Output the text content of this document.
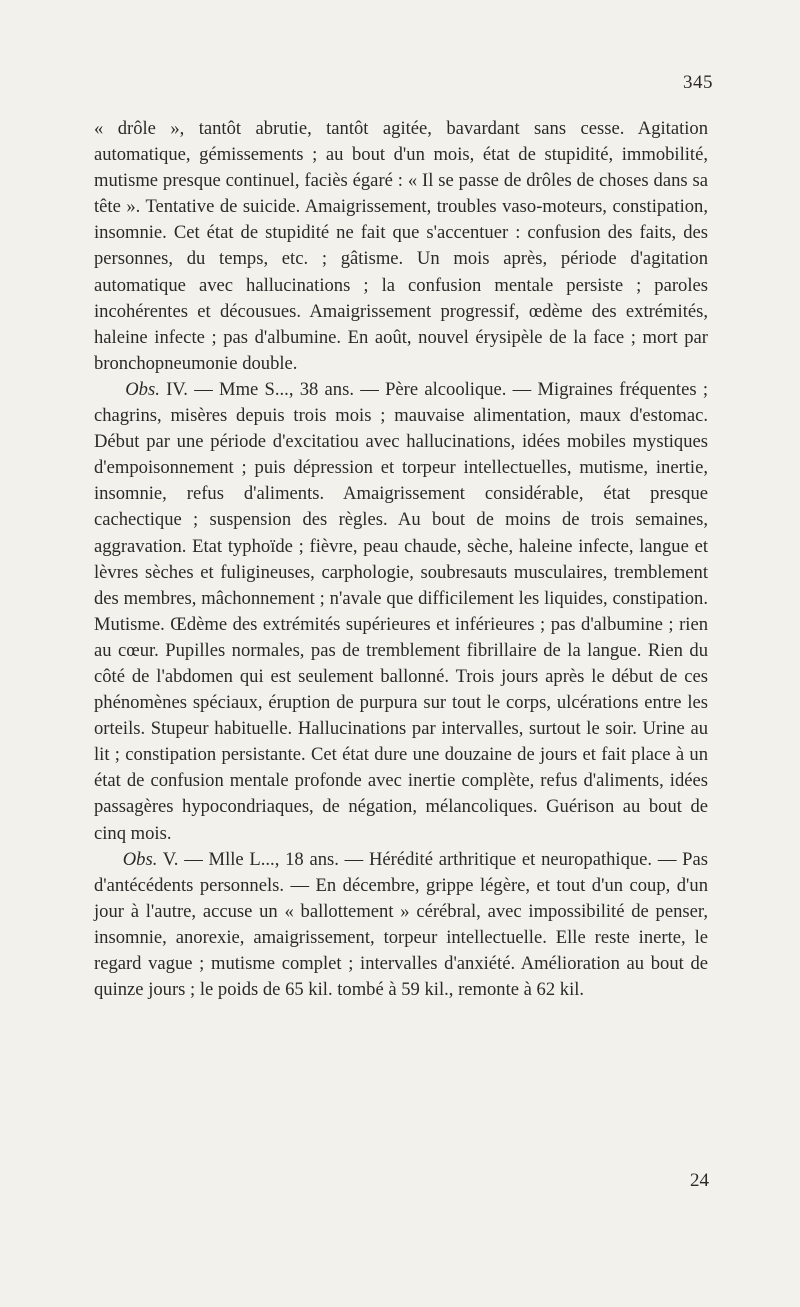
345

« drôle », tantôt abrutie, tantôt agitée, bavardant sans cesse. Agitation automatique, gémissements ; au bout d'un mois, état de stupidité, immobilité, mutisme presque continuel, faciès égaré : « Il se passe de drôles de choses dans sa tête ». Tentative de suicide. Amaigrissement, troubles vaso-moteurs, constipation, insomnie. Cet état de stupidité ne fait que s'accentuer : confusion des faits, des personnes, du temps, etc. ; gâtisme. Un mois après, période d'agitation automatique avec hallucinations ; la confusion mentale persiste ; paroles incohérentes et décousues. Amaigrissement progressif, œdème des extrémités, haleine infecte ; pas d'albumine. En août, nouvel érysipèle de la face ; mort par bronchopneumonie double.

Obs. IV. — Mme S..., 38 ans. — Père alcoolique. — Migraines fréquentes ; chagrins, misères depuis trois mois ; mauvaise alimentation, maux d'estomac. Début par une période d'excitatiou avec hallucinations, idées mobiles mystiques d'empoisonnement ; puis dépression et torpeur intellectuelles, mutisme, inertie, insomnie, refus d'aliments. Amaigrissement considérable, état presque cachectique ; suspension des règles. Au bout de moins de trois semaines, aggravation. Etat typhoïde ; fièvre, peau chaude, sèche, haleine infecte, langue et lèvres sèches et fuligineuses, carphologie, soubresauts musculaires, tremblement des membres, mâchonnement ; n'avale que difficilement les liquides, constipation. Mutisme. Œdème des extrémités supérieures et inférieures ; pas d'albumine ; rien au cœur. Pupilles normales, pas de tremblement fibrillaire de la langue. Rien du côté de l'abdomen qui est seulement ballonné. Trois jours après le début de ces phénomènes spéciaux, éruption de purpura sur tout le corps, ulcérations entre les orteils. Stupeur habituelle. Hallucinations par intervalles, surtout le soir. Urine au lit ; constipation persistante. Cet état dure une douzaine de jours et fait place à un état de confusion mentale profonde avec inertie complète, refus d'aliments, idées passagères hypocondriaques, de négation, mélancoliques. Guérison au bout de cinq mois.

Obs. V. — Mlle L..., 18 ans. — Hérédité arthritique et neuropathique. — Pas d'antécédents personnels. — En décembre, grippe légère, et tout d'un coup, d'un jour à l'autre, accuse un « ballottement » cérébral, avec impossibilité de penser, insomnie, anorexie, amaigrissement, torpeur intellectuelle. Elle reste inerte, le regard vague ; mutisme complet ; intervalles d'anxiété. Amélioration au bout de quinze jours ; le poids de 65 kil. tombé à 59 kil., remonte à 62 kil.

24
